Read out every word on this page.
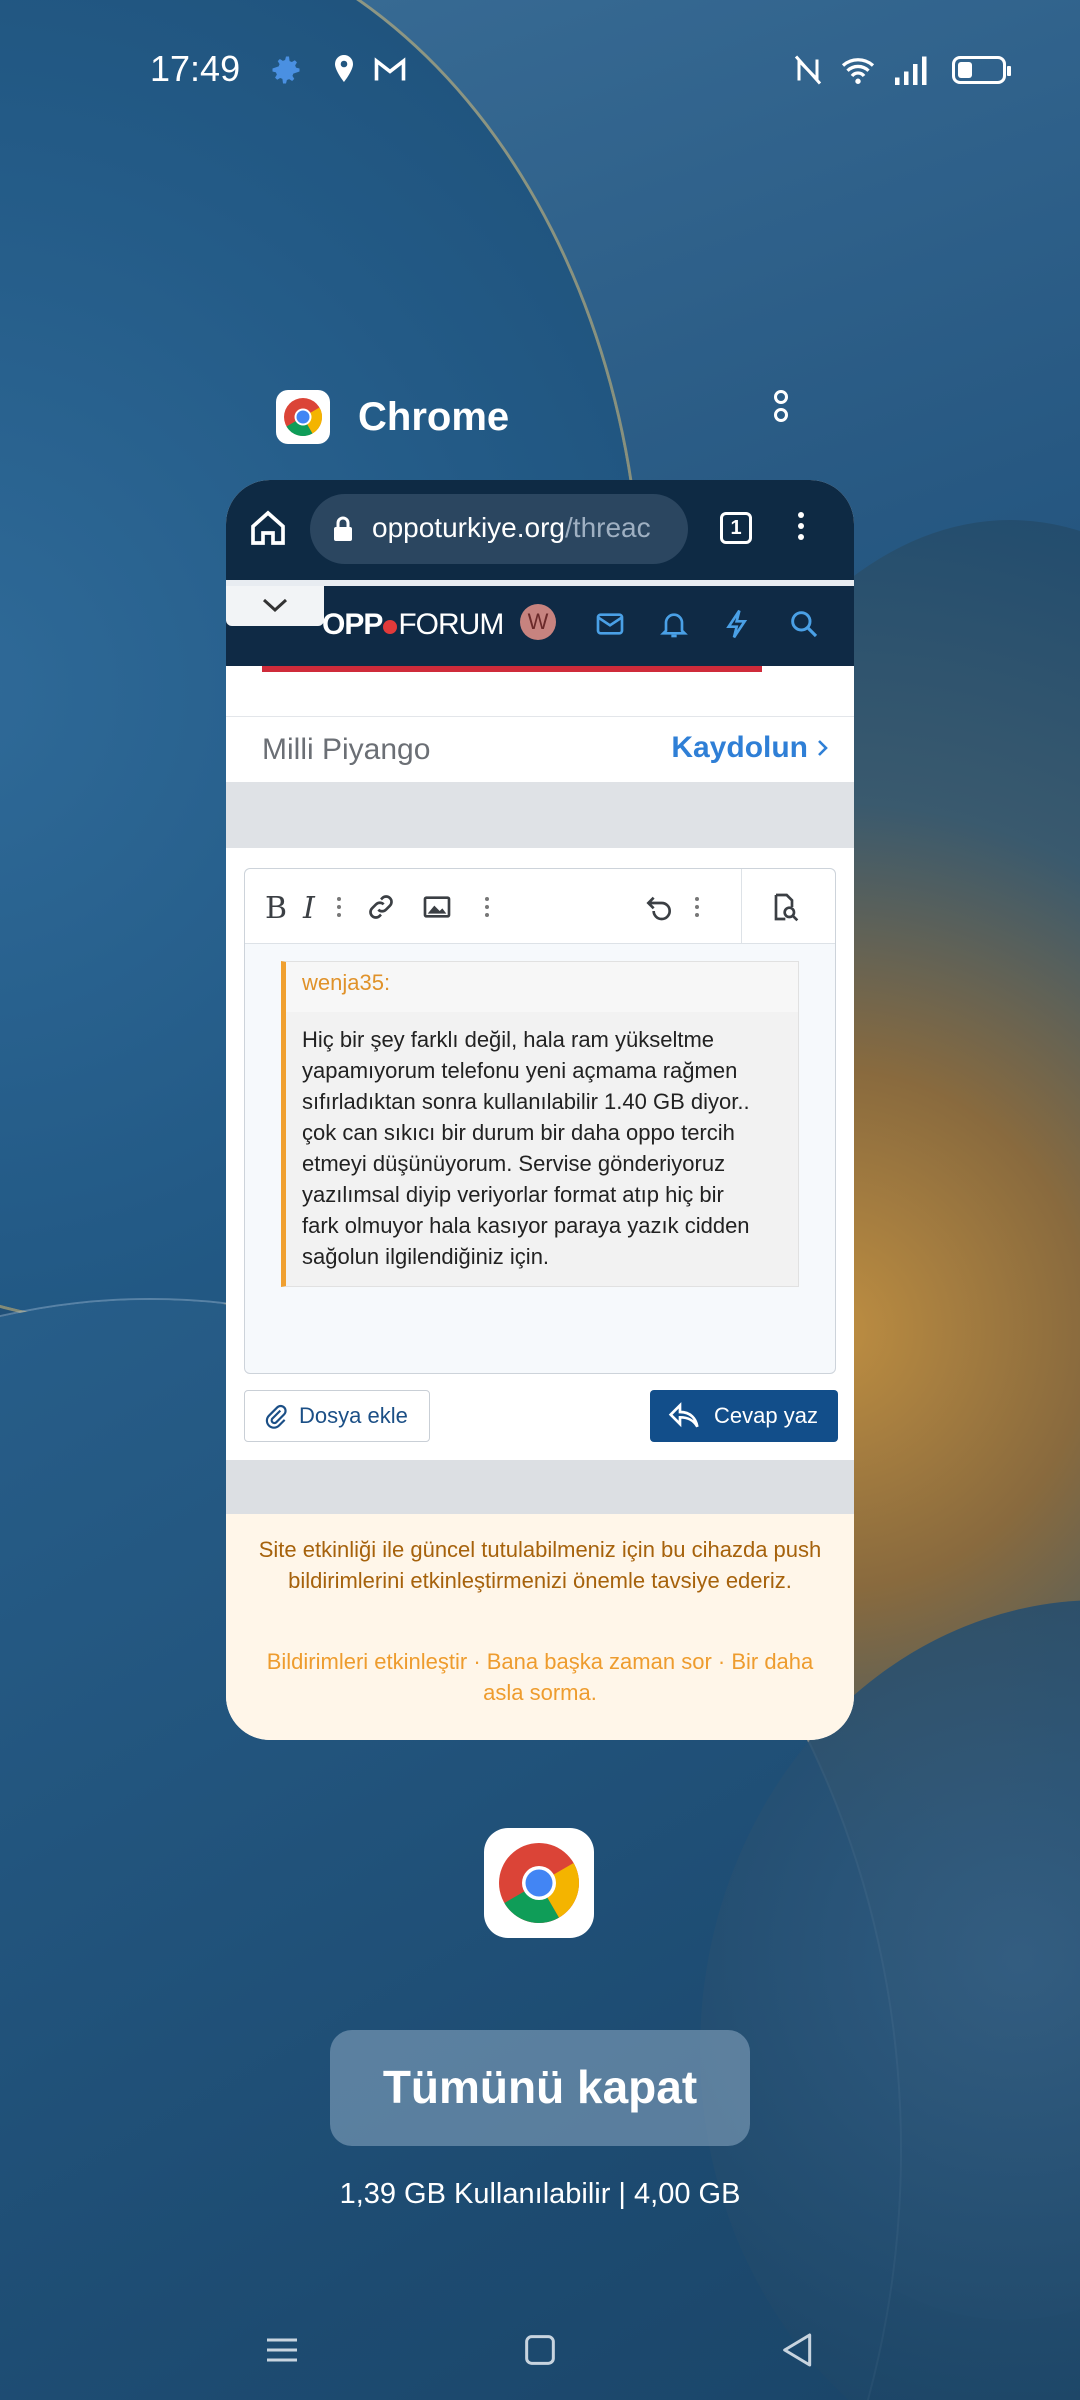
17:49
Chrome
oppoturkiye.org/threac	1
OPP FORUM	W
Milli Piyango	Kaydolun
B I
wenja35:
Hiç bir şey farklı değil, hala ram yükseltme
yapamıyorum telefonu yeni açmama rağmen
sıfırladıktan sonra kullanılabilir 1.40 GB diyor..
çok can sıkıcı bir durum bir daha oppo tercih
etmeyi düşünüyorum. Servise gönderiyoruz
yazılımsal diyip veriyorlar format atıp hiç bir
fark olmuyor hala kasıyor paraya yazık cidden
sağolun ilgilendiğiniz için.
Dosya ekle	Cevap yaz
Site etkinliği ile güncel tutulabilmeniz için bu cihazda push bildirimlerini etkinleştirmenizi önemle tavsiye ederiz.
Bildirimleri etkinleştir · Bana başka zaman sor · Bir daha asla sorma.
Tümünü kapat
1,39 GB Kullanılabilir | 4,00 GB
